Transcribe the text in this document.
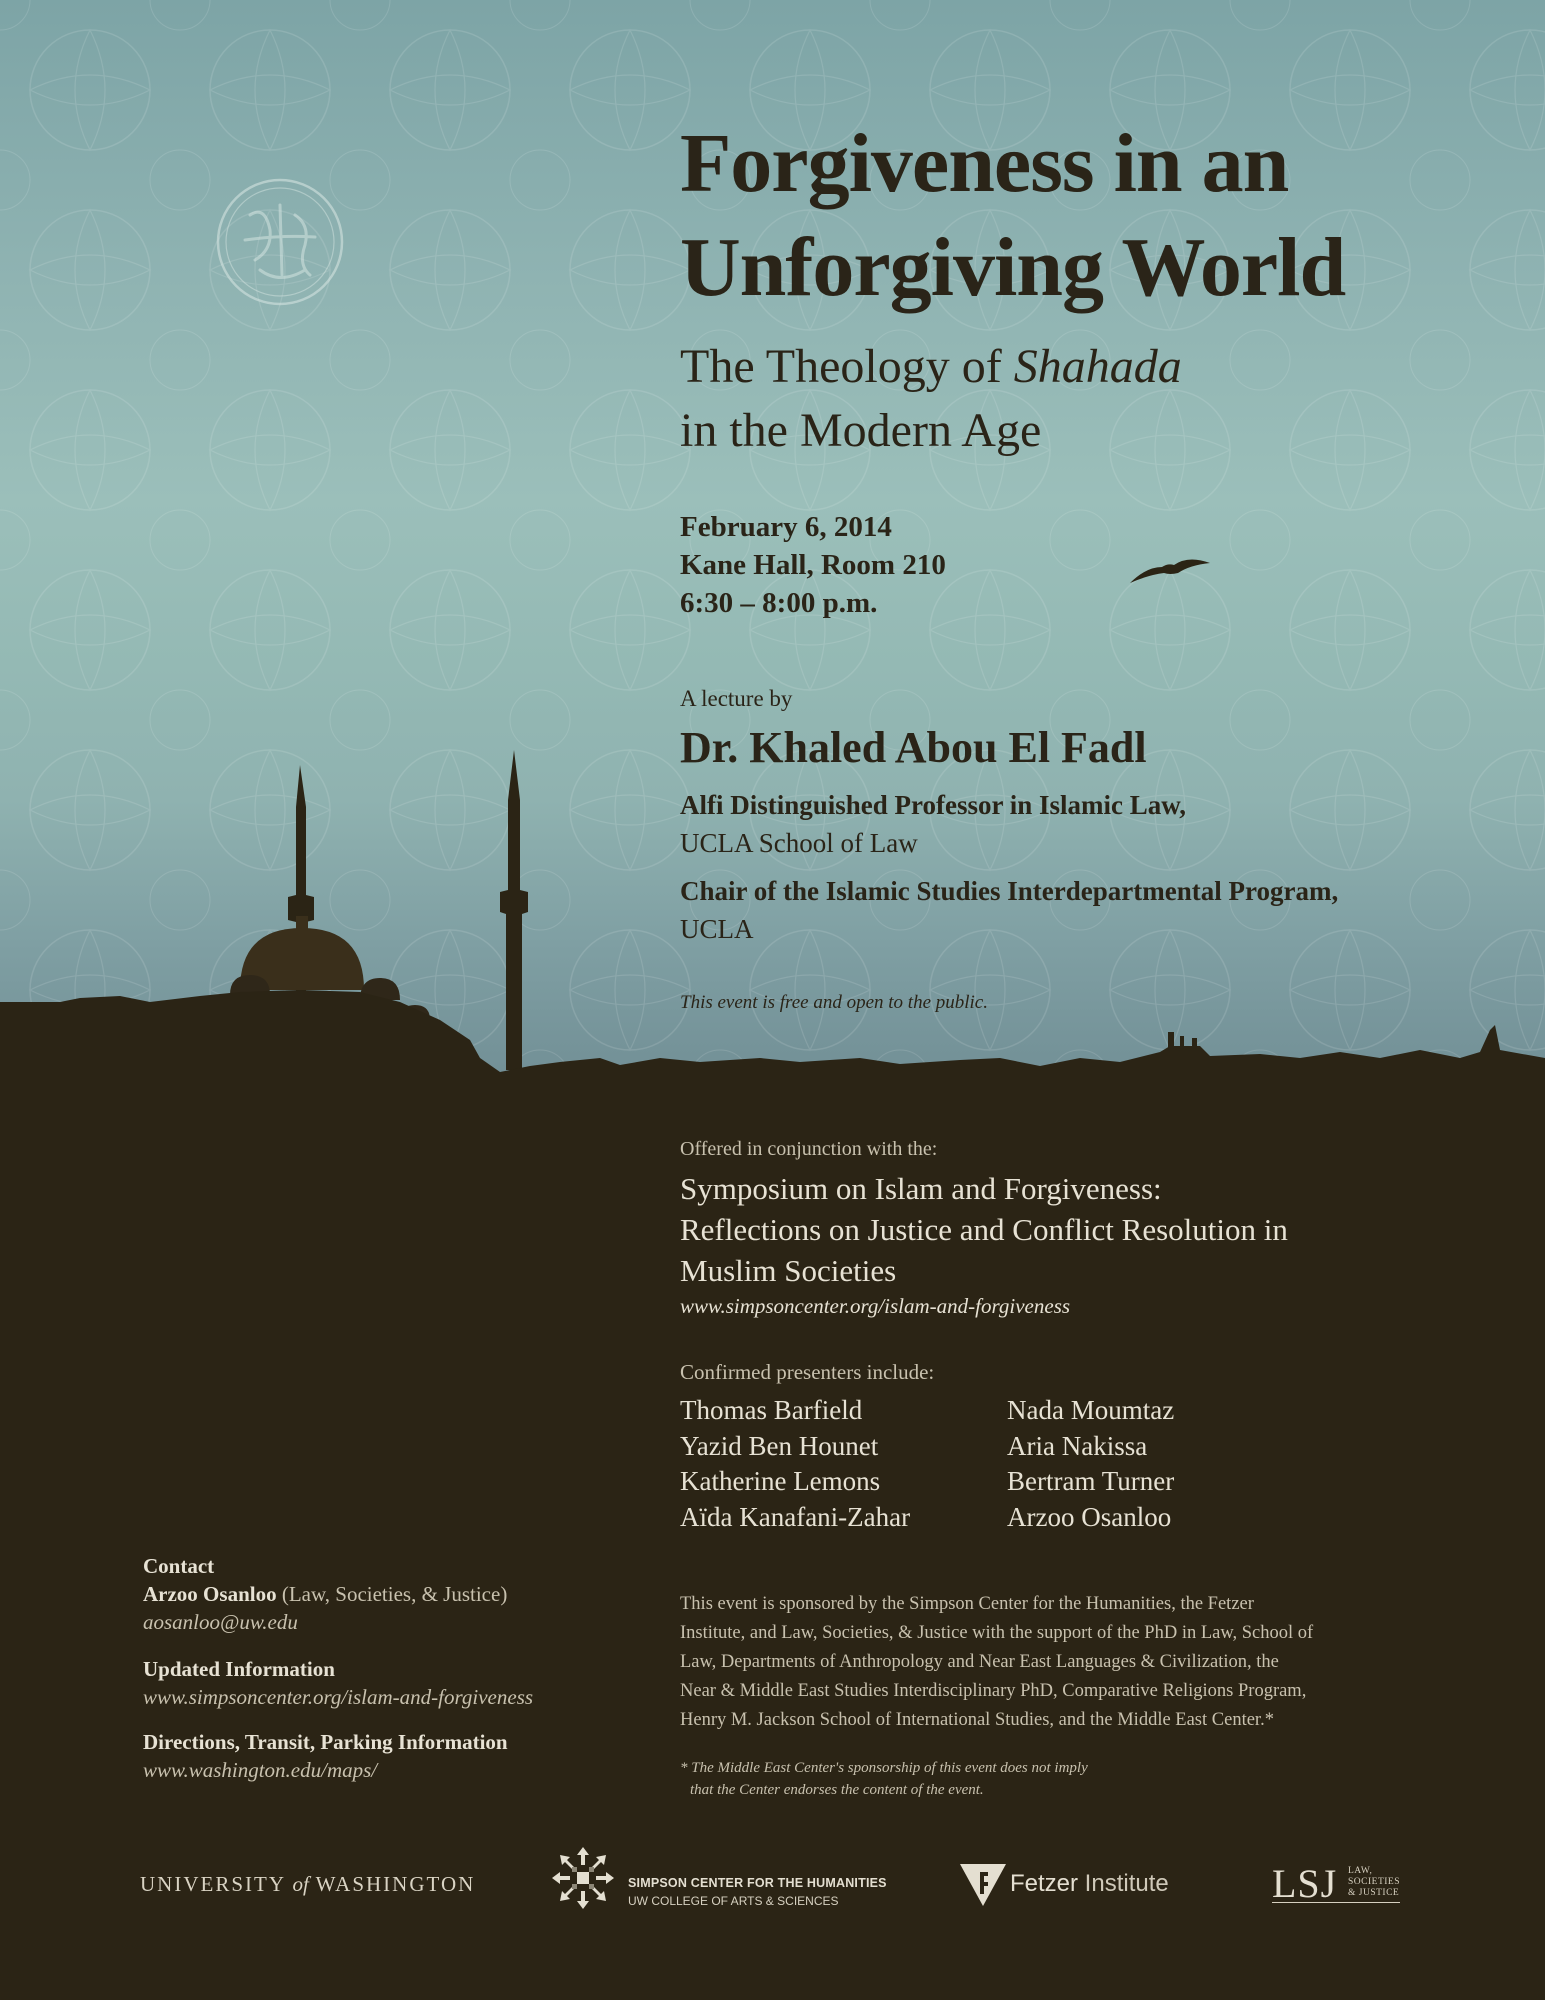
Forgiveness in an
Unforgiving World
The Theology of Shahada
in the Modern Age
February 6, 2014
Kane Hall, Room 210
6:30 – 8:00 p.m.
A lecture by
Dr. Khaled Abou El Fadl
Alfi Distinguished Professor in Islamic Law,
UCLA School of Law
Chair of the Islamic Studies Interdepartmental Program,
UCLA
This event is free and open to the public.
Offered in conjunction with the:
Symposium on Islam and Forgiveness:
Reflections on Justice and Conflict Resolution in
Muslim Societies
www.simpsoncenter.org/islam-and-forgiveness
Confirmed presenters include:
Thomas Barfield
Yazid Ben Hounet
Katherine Lemons
Aïda Kanafani-Zahar
Nada Moumtaz
Aria Nakissa
Bertram Turner
Arzoo Osanloo
Contact
Arzoo Osanloo (Law, Societies, & Justice)
aosanloo@uw.edu
Updated Information
www.simpsoncenter.org/islam-and-forgiveness
Directions, Transit, Parking Information
www.washington.edu/maps/
This event is sponsored by the Simpson Center for the Humanities, the Fetzer
Institute, and Law, Societies, & Justice with the support of the PhD in Law, School of
Law, Departments of Anthropology and Near East Languages & Civilization, the
Near & Middle East Studies Interdisciplinary PhD, Comparative Religions Program,
Henry M. Jackson School of International Studies, and the Middle East Center.*
* The Middle East Center's sponsorship of this event does not imply
that the Center endorses the content of the event.
UNIVERSITY of WASHINGTON	SIMPSON CENTER FOR THE HUMANITIES
UW COLLEGE OF ARTS & SCIENCES
Fetzer Institute	LSJ LAW,
SOCIETIES
& JUSTICE
